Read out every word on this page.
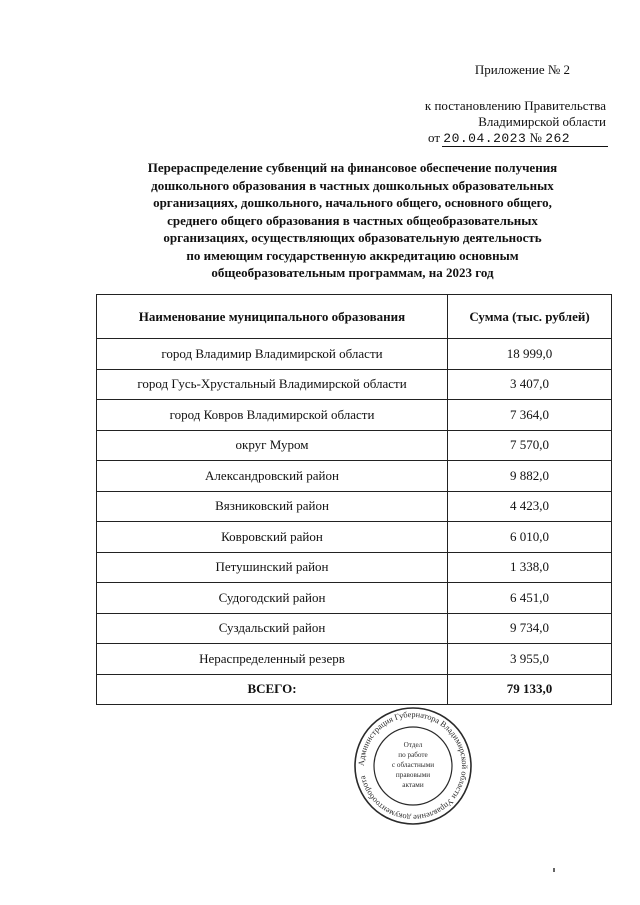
Приложение № 2
к постановлению Правительства
Владимирской области
от 20.04.2023 № 262
Перераспределение субвенций на финансовое обеспечение получения
дошкольного образования в частных дошкольных образовательных
организациях, дошкольного, начального общего, основного общего,
среднего общего образования в частных общеобразовательных
организациях, осуществляющих образовательную деятельность
по имеющим государственную аккредитацию основным
общеобразовательным программам, на 2023 год
Наименование муниципального образования	Сумма (тыс. рублей)
город Владимир Владимирской области	18 999,0
город Гусь-Хрустальный Владимирской области	3 407,0
город Ковров Владимирской области	7 364,0
округ Муром	7 570,0
Александровский район	9 882,0
Вязниковский район	4 423,0
Ковровский район	6 010,0
Петушинский район	1 338,0
Судогодский район	6 451,0
Суздальский район	9 734,0
Нераспределенный резерв	3 955,0
ВСЕГО:	79 133,0
Администрация Губернатора Владимирской области Управление документооборота
Отдел
по работе
с областными
правовыми
актами
